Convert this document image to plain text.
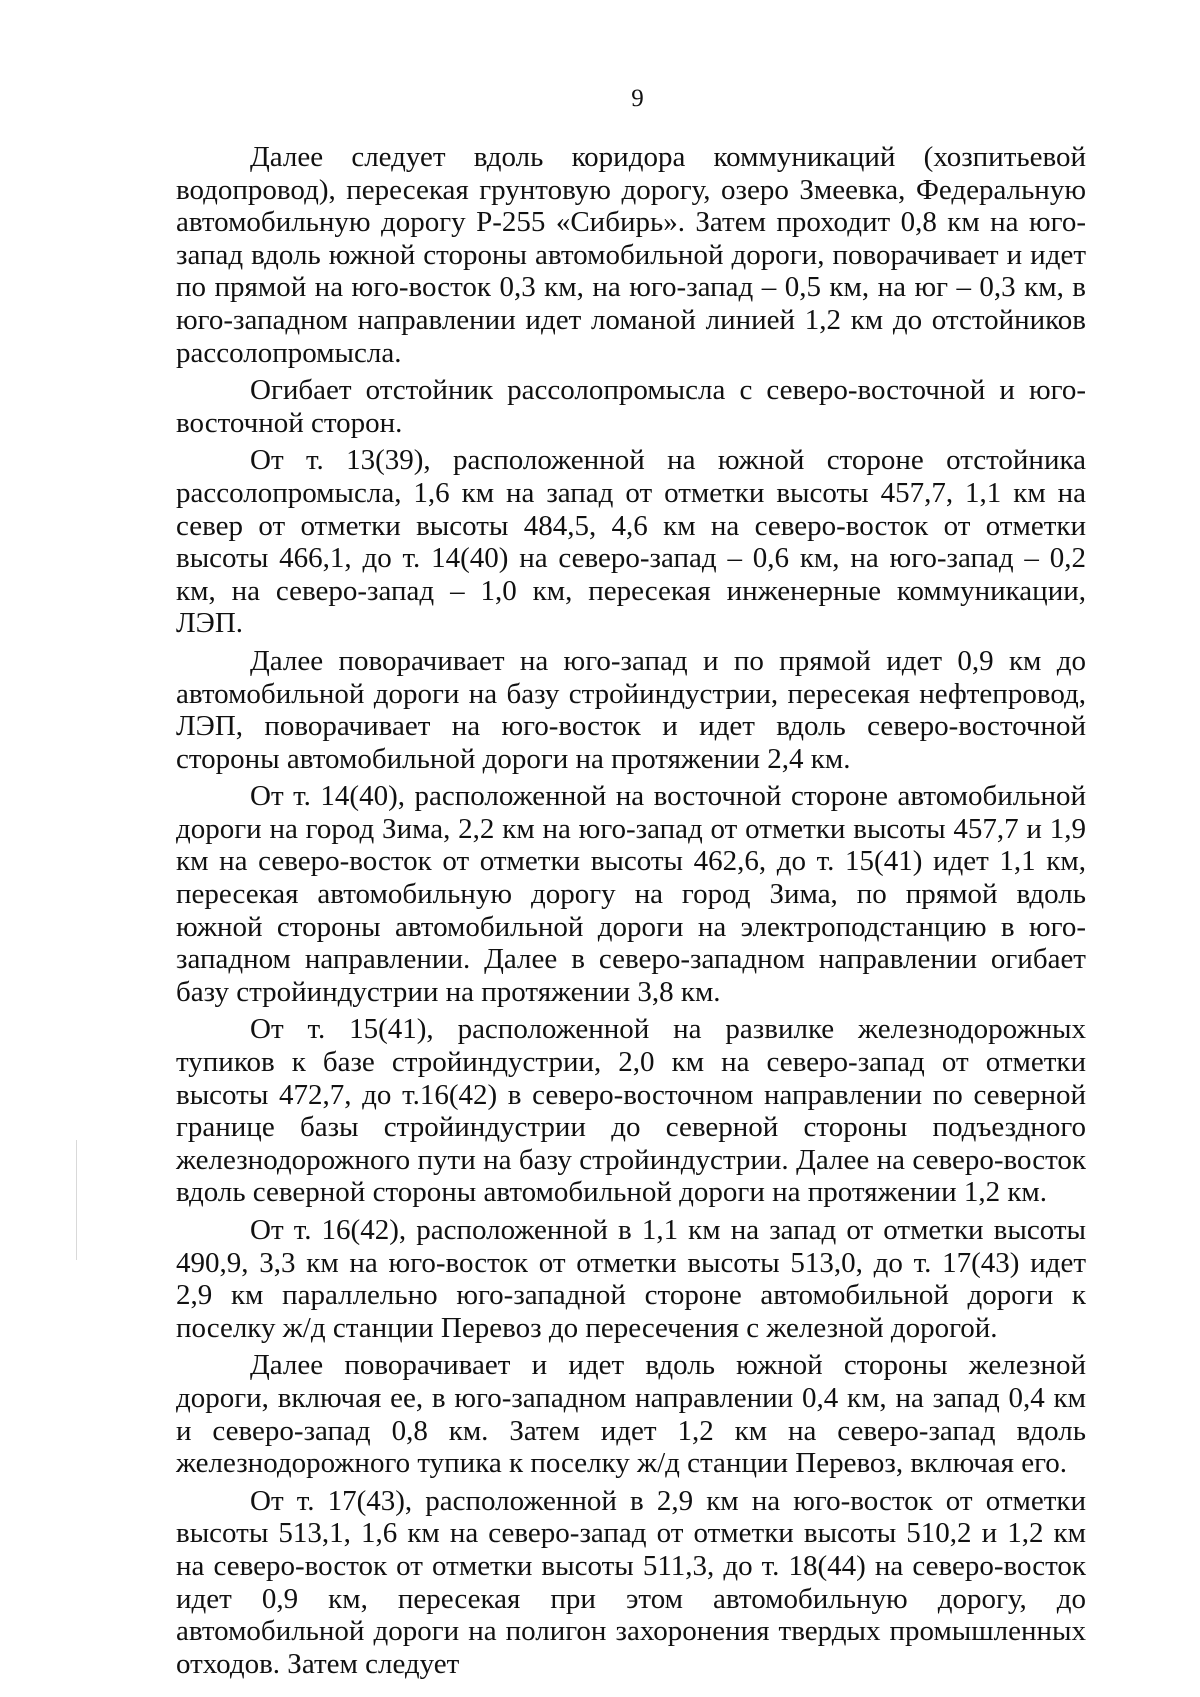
9

Далее следует вдоль коридора коммуникаций (хозпитьевой водопровод), пересекая грунтовую дорогу, озеро Змеевка, Федеральную автомобильную дорогу Р-255 «Сибирь». Затем проходит 0,8 км на юго-запад вдоль южной стороны автомобильной дороги, поворачивает и идет по прямой на юго-восток 0,3 км, на юго-запад – 0,5 км, на юг – 0,3 км, в юго-западном направлении идет ломаной линией 1,2 км до отстойников рассолопромысла.

Огибает отстойник рассолопромысла с северо-восточной и юго-восточной сторон.

От т. 13(39), расположенной на южной стороне отстойника рассолопромысла, 1,6 км на запад от отметки высоты 457,7, 1,1 км на север от отметки высоты 484,5, 4,6 км на северо-восток от отметки высоты 466,1, до т. 14(40) на северо-запад – 0,6 км, на юго-запад – 0,2 км, на северо-запад – 1,0 км, пересекая инженерные коммуникации, ЛЭП.

Далее поворачивает на юго-запад и по прямой идет 0,9 км до автомобильной дороги на базу стройиндустрии, пересекая нефтепровод, ЛЭП, поворачивает на юго-восток и идет вдоль северо-восточной стороны автомобильной дороги на протяжении 2,4 км.

От т. 14(40), расположенной на восточной стороне автомобильной дороги на город Зима, 2,2 км на юго-запад от отметки высоты 457,7 и 1,9 км на северо-восток от отметки высоты 462,6, до т. 15(41) идет 1,1 км, пересекая автомобильную дорогу на город Зима, по прямой вдоль южной стороны автомобильной дороги на электроподстанцию в юго-западном направлении. Далее в северо-западном направлении огибает базу стройиндустрии на протяжении 3,8 км.

От т. 15(41), расположенной на развилке железнодорожных тупиков к базе стройиндустрии, 2,0 км на северо-запад от отметки высоты 472,7, до т.16(42) в северо-восточном направлении по северной границе базы стройиндустрии до северной стороны подъездного железнодорожного пути на базу стройиндустрии. Далее на северо-восток вдоль северной стороны автомобильной дороги на протяжении 1,2 км.

От т. 16(42), расположенной в 1,1 км на запад от отметки высоты 490,9, 3,3 км на юго-восток от отметки высоты 513,0, до т. 17(43) идет 2,9 км параллельно юго-западной стороне автомобильной дороги к поселку ж/д станции Перевоз до пересечения с железной дорогой.

Далее поворачивает и идет вдоль южной стороны железной дороги, включая ее, в юго-западном направлении 0,4 км, на запад 0,4 км и северо-запад 0,8 км. Затем идет 1,2 км на северо-запад вдоль железнодорожного тупика к поселку ж/д станции Перевоз, включая его.

От т. 17(43), расположенной в 2,9 км на юго-восток от отметки высоты 513,1, 1,6 км на северо-запад от отметки высоты 510,2 и 1,2 км на северо-восток от отметки высоты 511,3, до т. 18(44) на северо-восток идет 0,9 км, пересекая при этом автомобильную дорогу, до автомобильной дороги на полигон захоронения твердых промышленных отходов. Затем следует
